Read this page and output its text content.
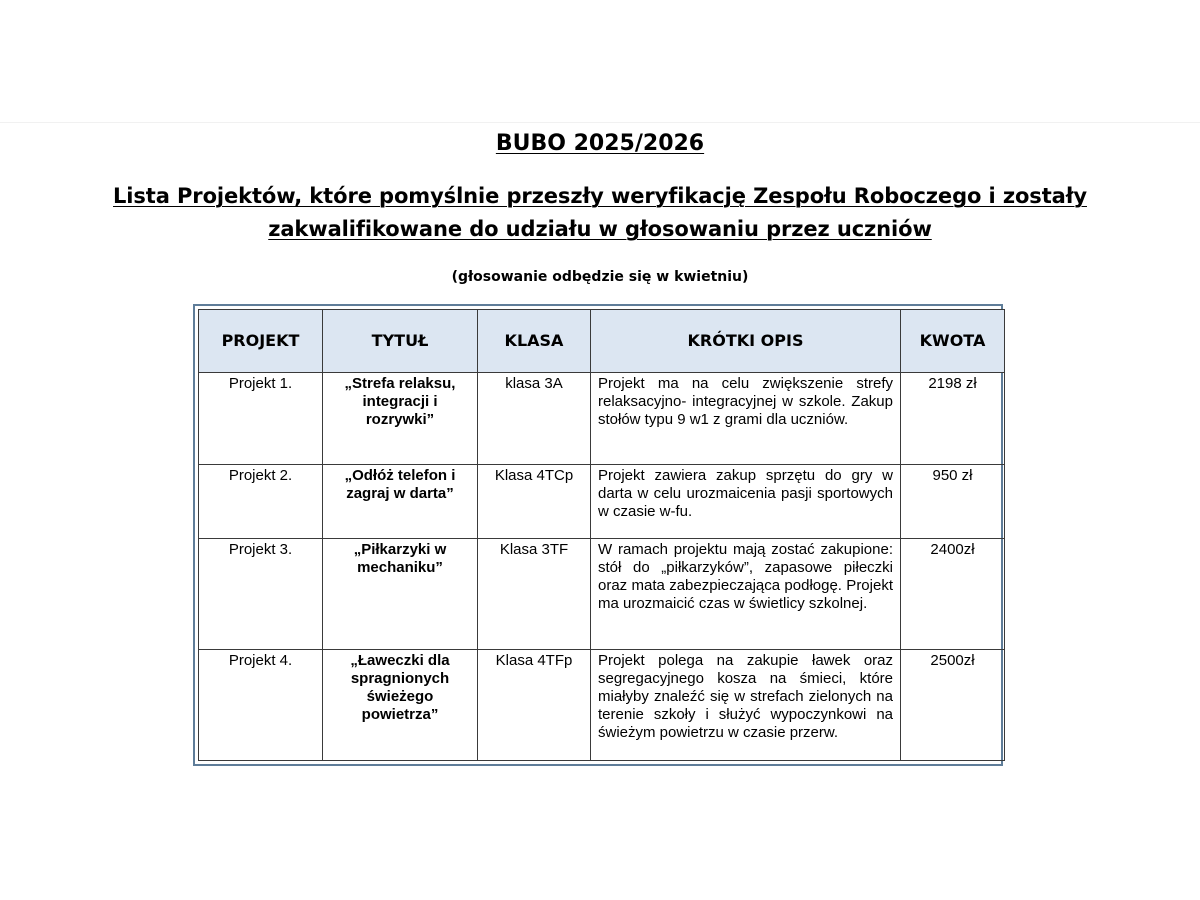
BUBO 2025/2026
Lista Projektów, które pomyślnie przeszły weryfikację Zespołu Roboczego i zostały
zakwalifikowane do udziału w głosowaniu przez uczniów
(głosowanie odbędzie się w kwietniu)
PROJEKT	TYTUŁ	KLASA	KRÓTKI OPIS	KWOTA
Projekt 1.	„Strefa relaksu, integracji i rozrywki”	klasa 3A	Projekt ma na celu zwiększenie strefy relaksacyjno- integracyjnej w szkole. Zakup stołów typu 9 w1 z grami dla uczniów.	2198 zł
Projekt 2.	„Odłóż telefon i zagraj w darta”	Klasa 4TCp	Projekt zawiera zakup sprzętu do gry w darta w celu urozmaicenia pasji sportowych w czasie w-fu.	950 zł
Projekt 3.	„Piłkarzyki w mechaniku”	Klasa 3TF	W ramach projektu mają zostać zakupione: stół do „piłkarzyków”, zapasowe piłeczki oraz mata zabezpieczająca podłogę. Projekt ma urozmaicić czas w świetlicy szkolnej.	2400zł
Projekt 4.	„Ławeczki dla spragnionych świeżego powietrza”	Klasa 4TFp	Projekt polega na zakupie ławek oraz segregacyjnego kosza na śmieci, które miałyby znaleźć się w strefach zielonych na terenie szkoły i służyć wypoczynkowi na świeżym powietrzu w czasie przerw.	2500zł
